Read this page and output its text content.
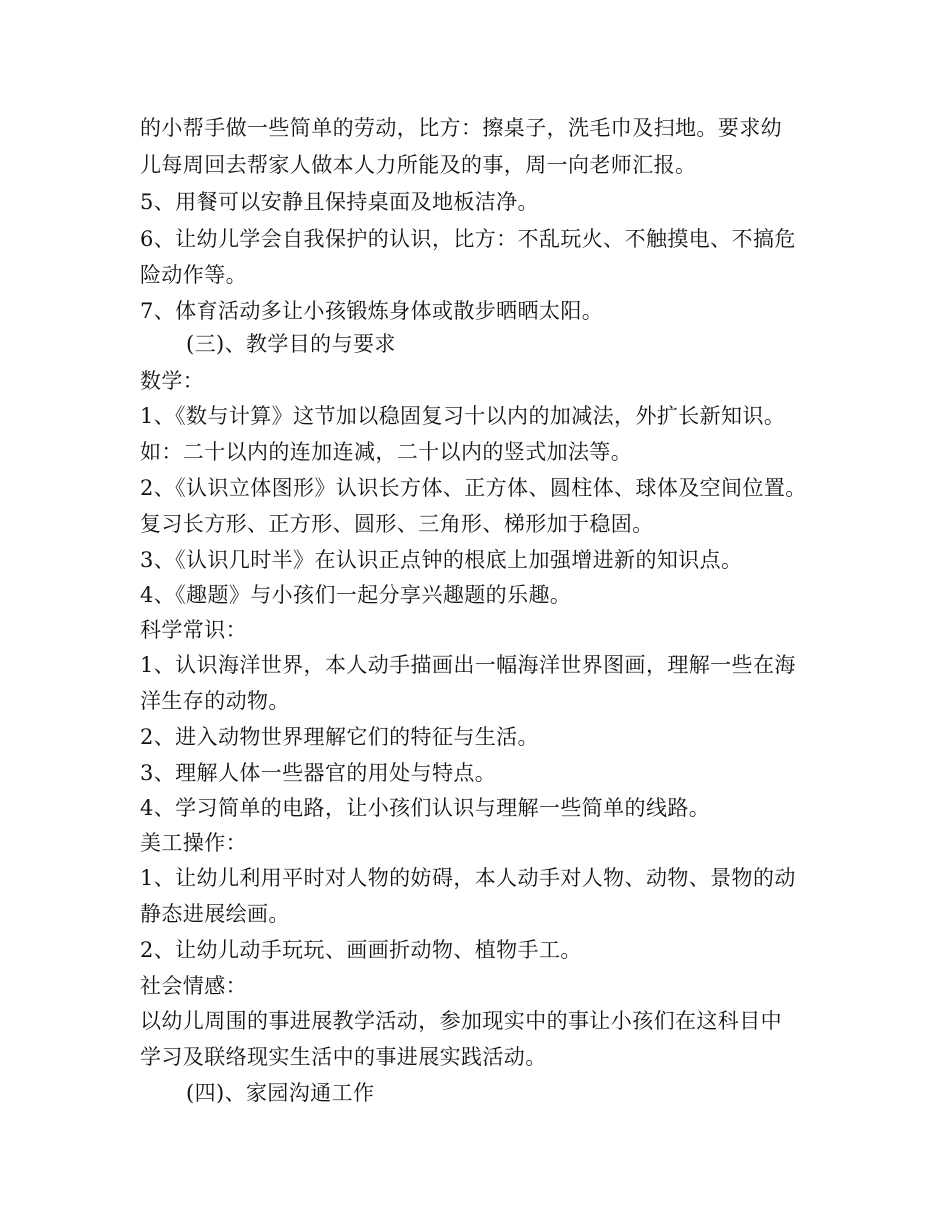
的小帮手做一些简单的劳动，比方：擦桌子，洗毛巾及扫地。要求幼
儿每周回去帮家人做本人力所能及的事，周一向老师汇报。
5、用餐可以安静且保持桌面及地板洁净。
6、让幼儿学会自我保护的认识，比方：不乱玩火、不触摸电、不搞危
险动作等。
7、体育活动多让小孩锻炼身体或散步晒晒太阳。
(三)、教学目的与要求
数学：
1、《数与计算》这节加以稳固复习十以内的加减法，外扩长新知识。
如：二十以内的连加连减，二十以内的竖式加法等。
2、《认识立体图形》认识长方体、正方体、圆柱体、球体及空间位置。
复习长方形、正方形、圆形、三角形、梯形加于稳固。
3、《认识几时半》在认识正点钟的根底上加强增进新的知识点。
4、《趣题》与小孩们一起分享兴趣题的乐趣。
科学常识：
1、认识海洋世界，本人动手描画出一幅海洋世界图画，理解一些在海
洋生存的动物。
2、进入动物世界理解它们的特征与生活。
3、理解人体一些器官的用处与特点。
4、学习简单的电路，让小孩们认识与理解一些简单的线路。
美工操作：
1、让幼儿利用平时对人物的妨碍，本人动手对人物、动物、景物的动
静态进展绘画。
2、让幼儿动手玩玩、画画折动物、植物手工。
社会情感：
以幼儿周围的事进展教学活动，参加现实中的事让小孩们在这科目中
学习及联络现实生活中的事进展实践活动。
(四)、家园沟通工作
